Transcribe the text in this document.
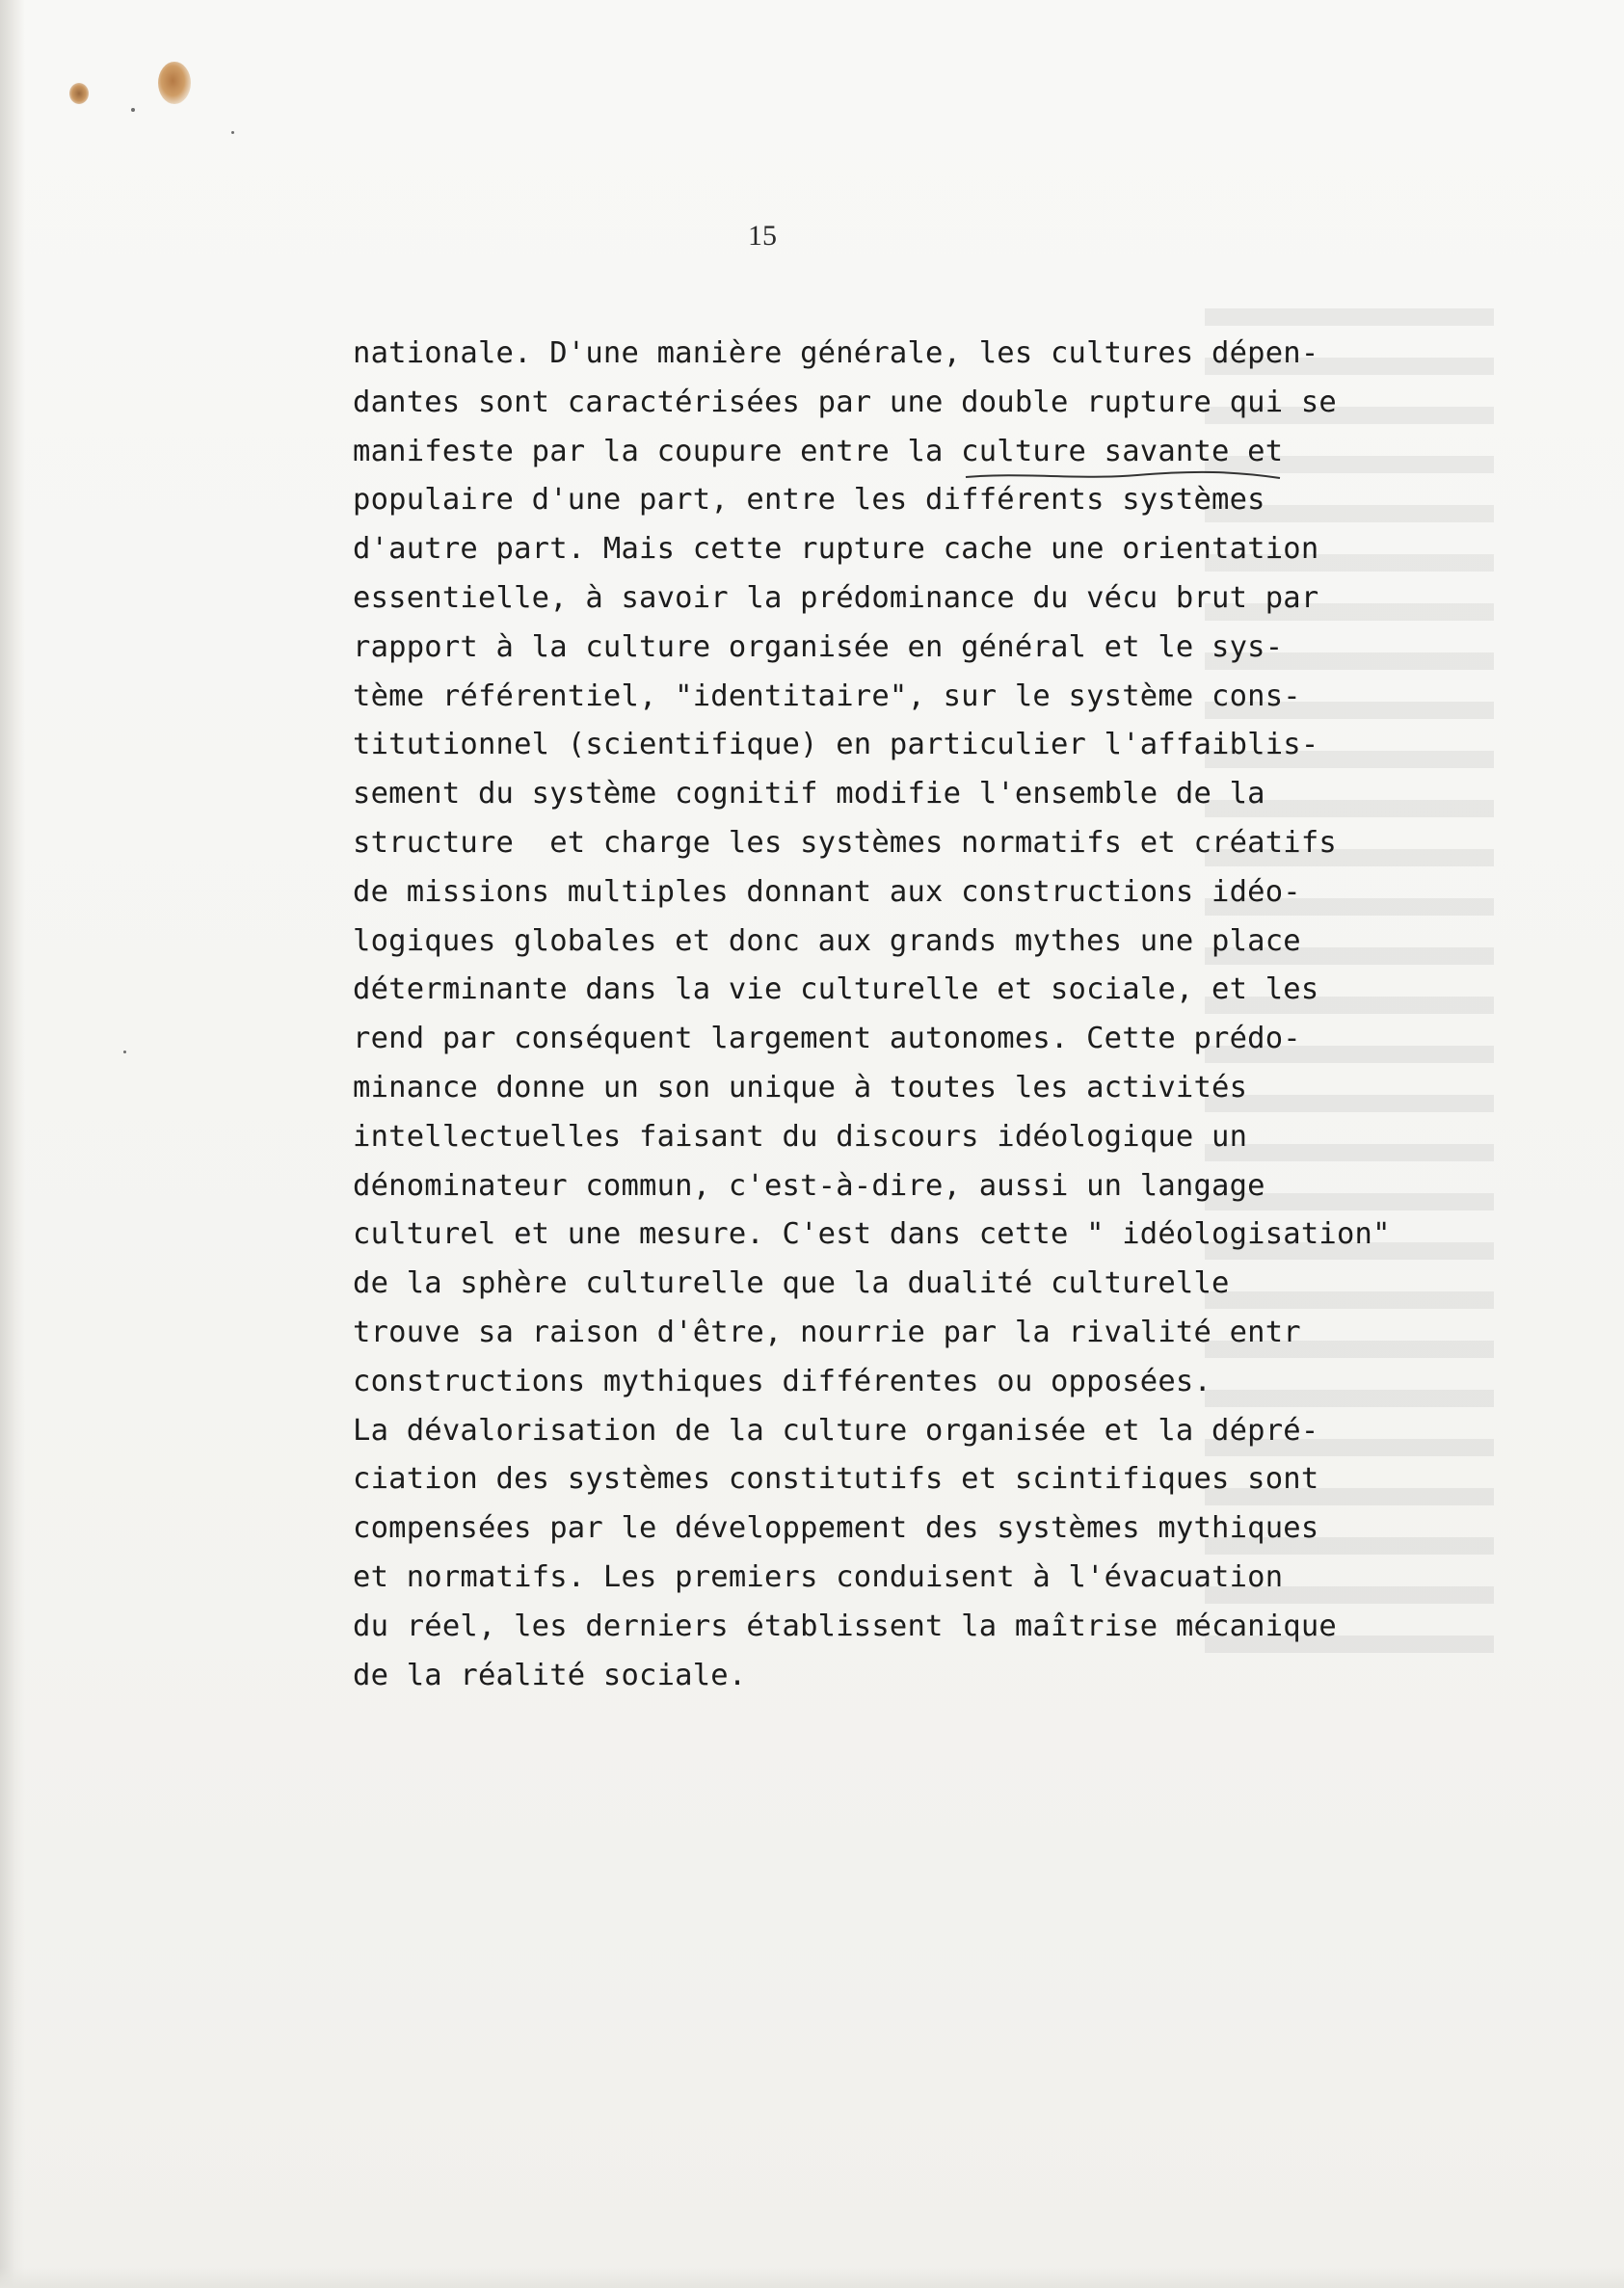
15
nationale. D'une manière générale, les cultures dépen-
dantes sont caractérisées par une double rupture qui se
manifeste par la coupure entre la culture savante et
populaire d'une part, entre les différents systèmes
d'autre part. Mais cette rupture cache une orientation
essentielle, à savoir la prédominance du vécu brut par
rapport à la culture organisée en général et le sys-
tème référentiel, "identitaire", sur le système cons-
titutionnel (scientifique) en particulier l'affaiblis-
sement du système cognitif modifie l'ensemble de la
structure  et charge les systèmes normatifs et créatifs
de missions multiples donnant aux constructions idéo-
logiques globales et donc aux grands mythes une place
déterminante dans la vie culturelle et sociale, et les
rend par conséquent largement autonomes. Cette prédo-
minance donne un son unique à toutes les activités
intellectuelles faisant du discours idéologique un
dénominateur commun, c'est-à-dire, aussi un langage
culturel et une mesure. C'est dans cette " idéologisation"
de la sphère culturelle que la dualité culturelle
trouve sa raison d'être, nourrie par la rivalité entr
constructions mythiques différentes ou opposées.
La dévalorisation de la culture organisée et la dépré-
ciation des systèmes constitutifs et scintifiques sont
compensées par le développement des systèmes mythiques
et normatifs. Les premiers conduisent à l'évacuation
du réel, les derniers établissent la maîtrise mécanique
de la réalité sociale.
